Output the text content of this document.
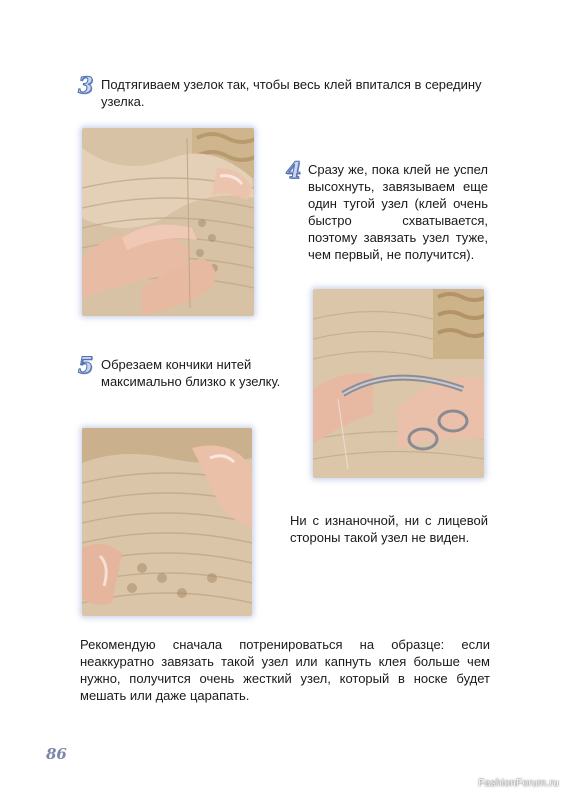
3 Подтягиваем узелок так, чтобы весь клей впитался в середину узелка.
4 Сразу же, пока клей не успел высохнуть, завязываем еще один тугой узел (клей очень быстро схватывается, поэтому завязать узел туже, чем первый, не получится).
5 Обрезаем кончики нитей максимально близко к узелку.
Ни с изнаночной, ни с лицевой стороны такой узел не виден.
Рекомендую сначала потренироваться на образце: если неаккуратно завязать такой узел или капнуть клея больше чем нужно, получится очень жесткий узел, который в носке будет мешать или даже царапать.
86
FashionForum.ru
